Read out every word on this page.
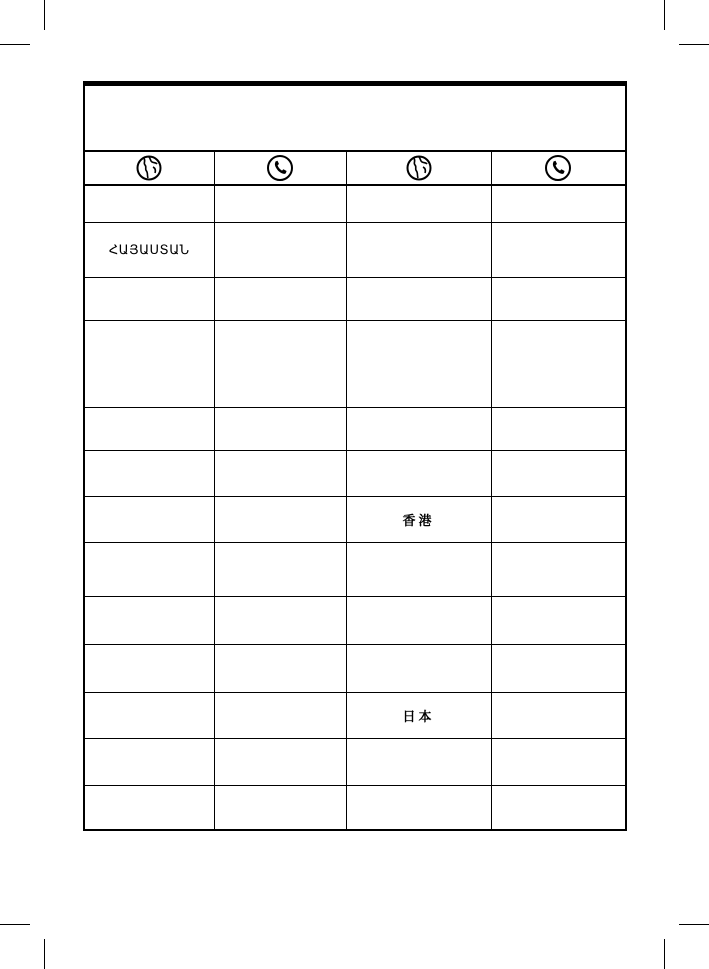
ՀԱՅԱՍՏԱՆ			

		香港	

		日本	
